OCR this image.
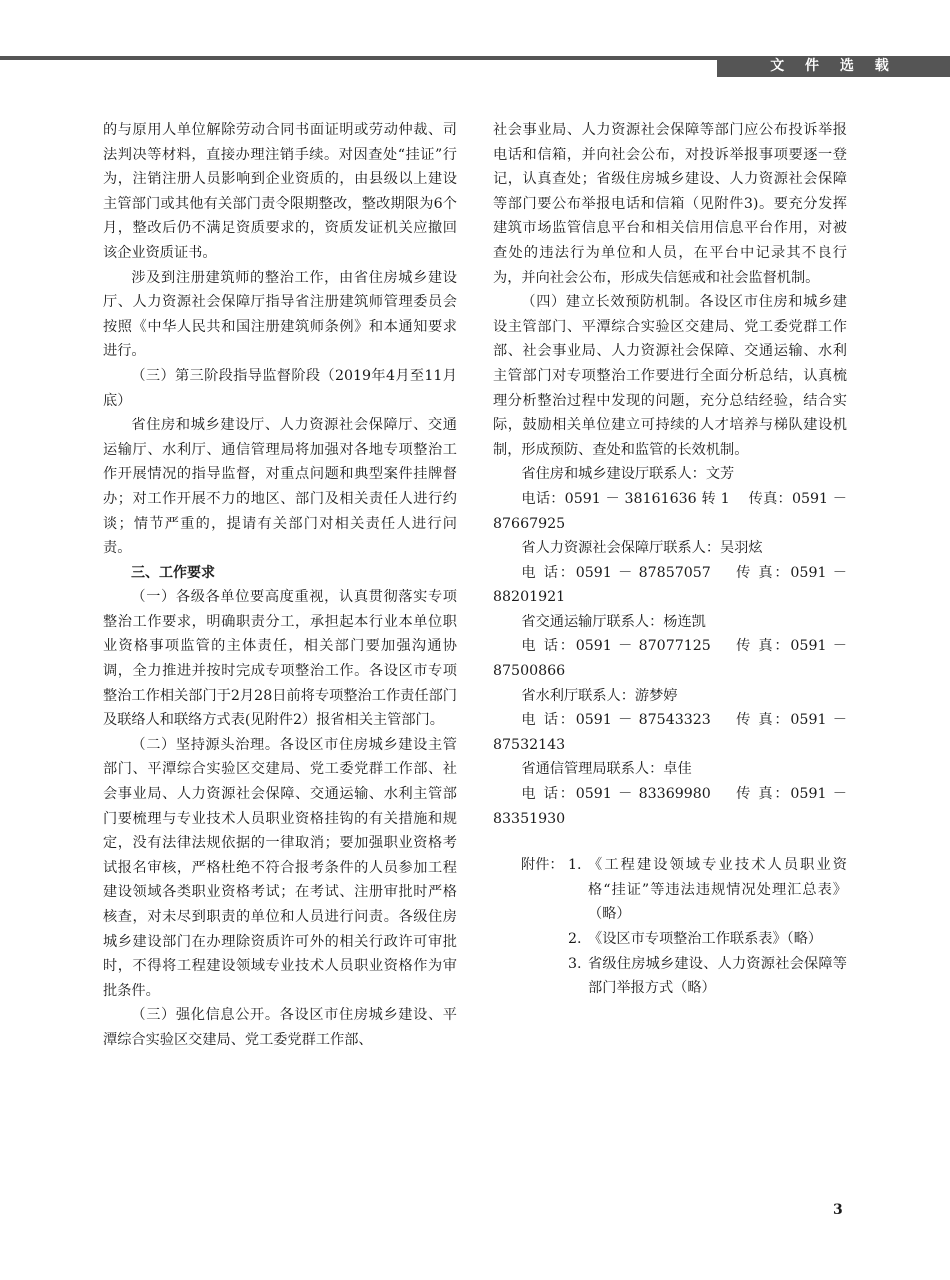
文 件 选 载

的与原用人单位解除劳动合同书面证明或劳动仲裁、司法判决等材料，直接办理注销手续。对因查处“挂证”行为，注销注册人员影响到企业资质的，由县级以上建设主管部门或其他有关部门责令限期整改，整改期限为6个月，整改后仍不满足资质要求的，资质发证机关应撤回该企业资质证书。

涉及到注册建筑师的整治工作，由省住房城乡建设厅、人力资源社会保障厅指导省注册建筑师管理委员会按照《中华人民共和国注册建筑师条例》和本通知要求进行。

（三）第三阶段指导监督阶段（2019年4月至11月底）

省住房和城乡建设厅、人力资源社会保障厅、交通运输厅、水利厅、通信管理局将加强对各地专项整治工作开展情况的指导监督，对重点问题和典型案件挂牌督办；对工作开展不力的地区、部门及相关责任人进行约谈；情节严重的，提请有关部门对相关责任人进行问责。

三、工作要求

（一）各级各单位要高度重视，认真贯彻落实专项整治工作要求，明确职责分工，承担起本行业本单位职业资格事项监管的主体责任，相关部门要加强沟通协调，全力推进并按时完成专项整治工作。各设区市专项整治工作相关部门于2月28日前将专项整治工作责任部门及联络人和联络方式表(见附件2）报省相关主管部门。

（二）坚持源头治理。各设区市住房城乡建设主管部门、平潭综合实验区交建局、党工委党群工作部、社会事业局、人力资源社会保障、交通运输、水利主管部门要梳理与专业技术人员职业资格挂钩的有关措施和规定，没有法律法规依据的一律取消；要加强职业资格考试报名审核，严格杜绝不符合报考条件的人员参加工程建设领域各类职业资格考试；在考试、注册审批时严格核查，对未尽到职责的单位和人员进行问责。各级住房城乡建设部门在办理除资质许可外的相关行政许可审批时，不得将工程建设领域专业技术人员职业资格作为审批条件。

（三）强化信息公开。各设区市住房城乡建设、平潭综合实验区交建局、党工委党群工作部、

社会事业局、人力资源社会保障等部门应公布投诉举报电话和信箱，并向社会公布，对投诉举报事项要逐一登记，认真查处；省级住房城乡建设、人力资源社会保障等部门要公布举报电话和信箱（见附件3)。要充分发挥建筑市场监管信息平台和相关信用信息平台作用，对被查处的违法行为单位和人员，在平台中记录其不良行为，并向社会公布，形成失信惩戒和社会监督机制。

（四）建立长效预防机制。各设区市住房和城乡建设主管部门、平潭综合实验区交建局、党工委党群工作部、社会事业局、人力资源社会保障、交通运输、水利主管部门对专项整治工作要进行全面分析总结，认真梳理分析整治过程中发现的问题，充分总结经验，结合实际，鼓励相关单位建立可持续的人才培养与梯队建设机制，形成预防、查处和监管的长效机制。

省住房和城乡建设厅联系人：文芳

电话：0591 － 38161636 转 1    传真：0591 － 87667925

省人力资源社会保障厅联系人：吴羽炫

电 话：0591 － 87857057    传 真：0591 － 88201921

省交通运输厅联系人：杨连凯

电 话：0591 － 87077125    传 真：0591 － 87500866

省水利厅联系人：游梦婷

电 话：0591 － 87543323    传 真：0591 － 87532143

省通信管理局联系人：卓佳

电 话：0591 － 83369980    传 真：0591 － 83351930

附件： 1. 《工程建设领域专业技术人员职业资格“挂证”等违法违规情况处理汇总表》（略）
2. 《设区市专项整治工作联系表》（略）
3. 省级住房城乡建设、人力资源社会保障等部门举报方式（略）
3
